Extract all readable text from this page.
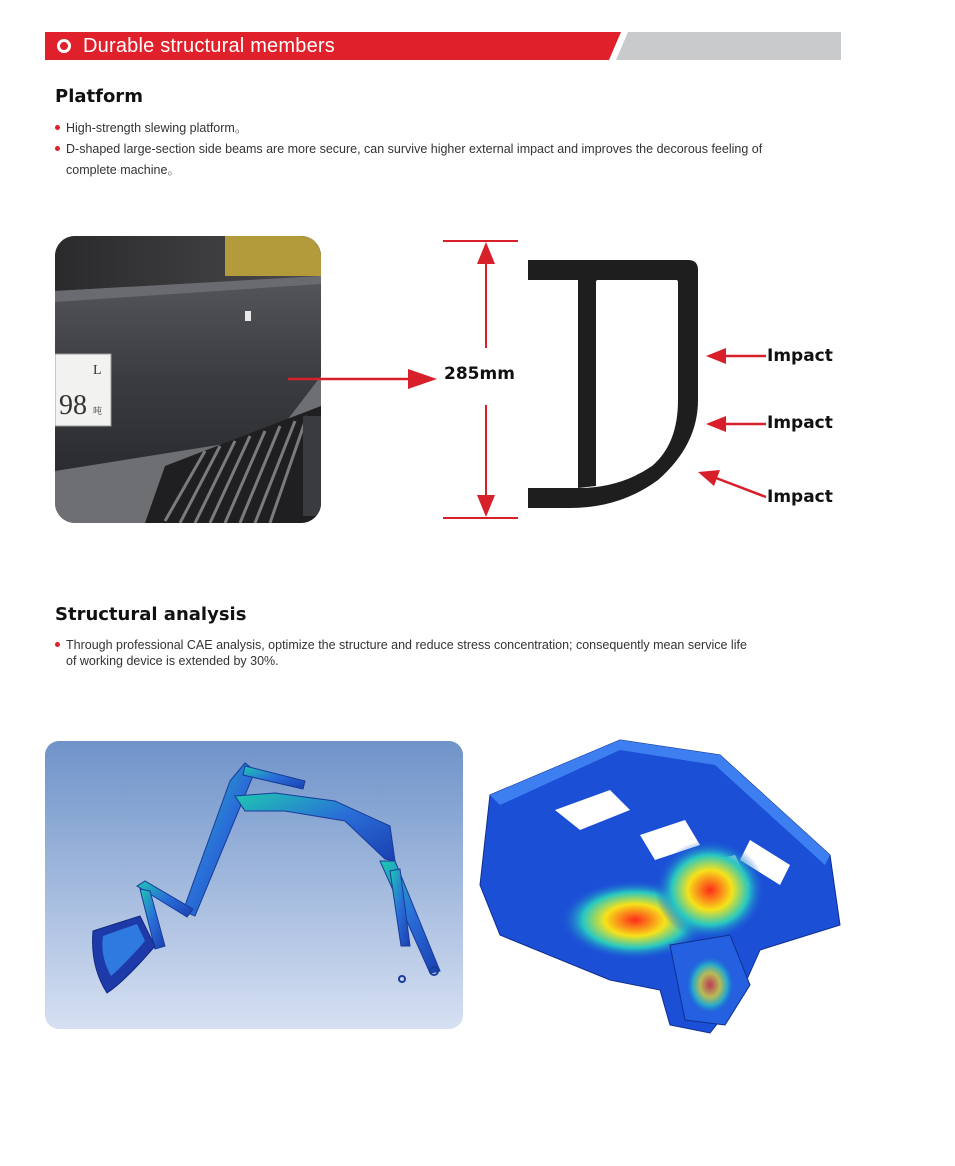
Durable structural members
Platform
High-strength slewing platform。
D-shaped large-section side beams are more secure, can survive higher external impact and improves the decorous feeling of
complete machine。
L
98 吨
285mm
Impact
Impact
Impact
Structural analysis
Through professional CAE analysis, optimize the structure and reduce stress concentration; consequently mean service life
of working device is extended by 30%.
